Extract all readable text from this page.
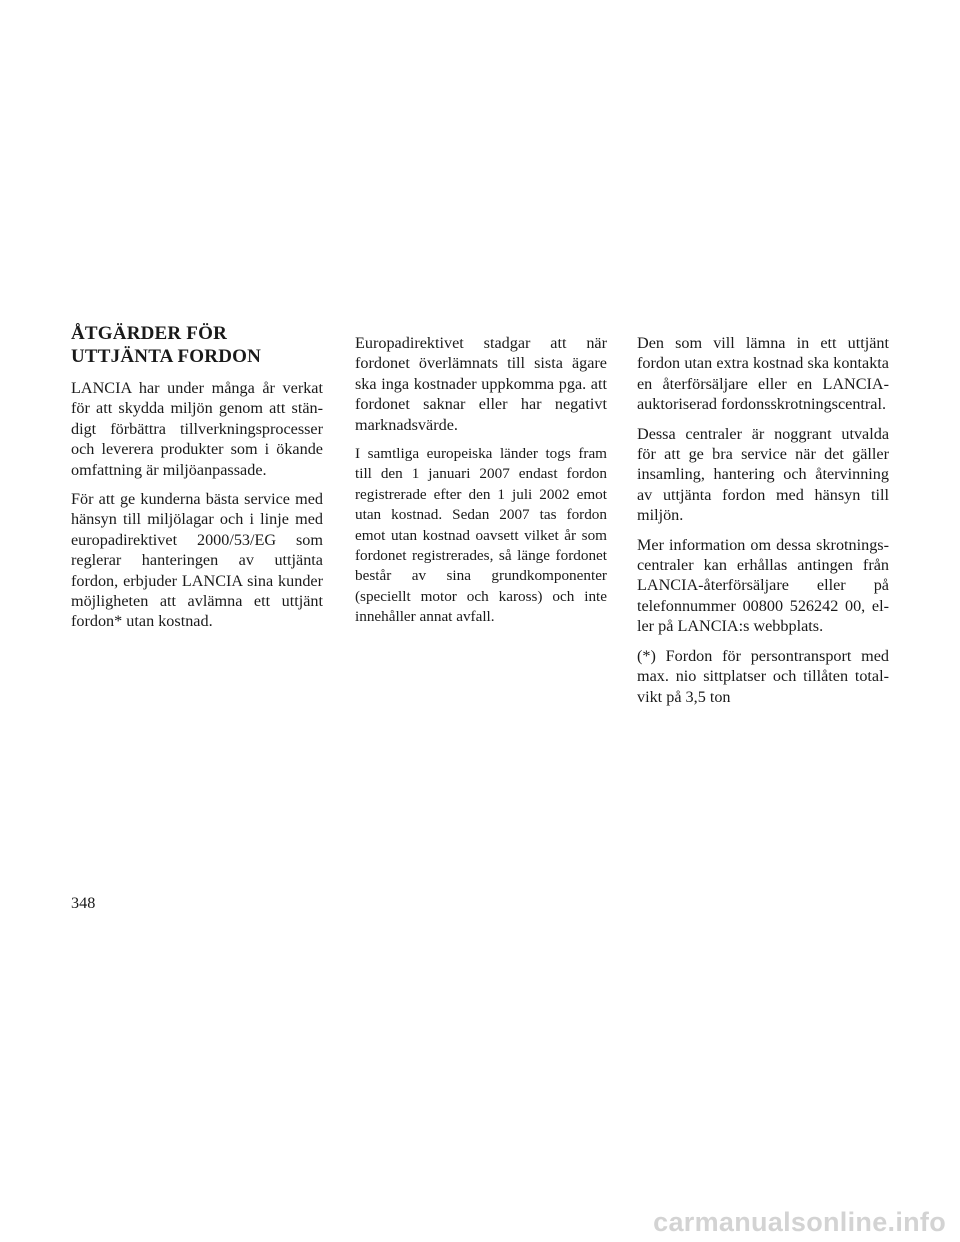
ÅTGÄRDER FÖR
UTTJÄNTA FORDON

LANCIA har under många år verkat för att skydda miljön genom att ständigt förbättra tillverkningsprocesser och leverera produkter som i ökande omfattning är miljöanpassade.

För att ge kunderna bästa service med hänsyn till miljölagar och i linje med europadirektivet 2000/53/EG som reglerar hanteringen av uttjänta fordon, erbjuder LANCIA sina kunder möjligheten att avlämna ett uttjänt fordon* utan kostnad.

Europadirektivet stadgar att när fordonet överlämnats till sista ägare ska inga kostnader uppkomma pga. att fordonet saknar eller har negativt marknadsvärde.

I samtliga europeiska länder togs fram till den 1 januari 2007 endast fordon registrerade efter den 1 juli 2002 emot utan kostnad. Sedan 2007 tas fordon emot utan kostnad oavsett vilket år som fordonet registrerades, så länge fordonet består av sina grundkomponenter (speciellt motor och kaross) och inte innehåller annat avfall.

Den som vill lämna in ett uttjänt fordon utan extra kostnad ska kontakta en återförsäljare eller en LANCIA-auktoriserad fordonsskrotningscentral.

Dessa centraler är noggrant utvalda för att ge bra service när det gäller insamling, hantering och återvinning av uttjänta fordon med hänsyn till miljön.

Mer information om dessa skrotningscentraler kan erhållas antingen från LANCIA-återförsäljare eller på telefonnummer 00800 526242 00, eller på LANCIA:s webbplats.

(*) Fordon för persontransport med max. nio sittplatser och tillåten totalvikt på 3,5 ton

348
carmanualsonline.info
